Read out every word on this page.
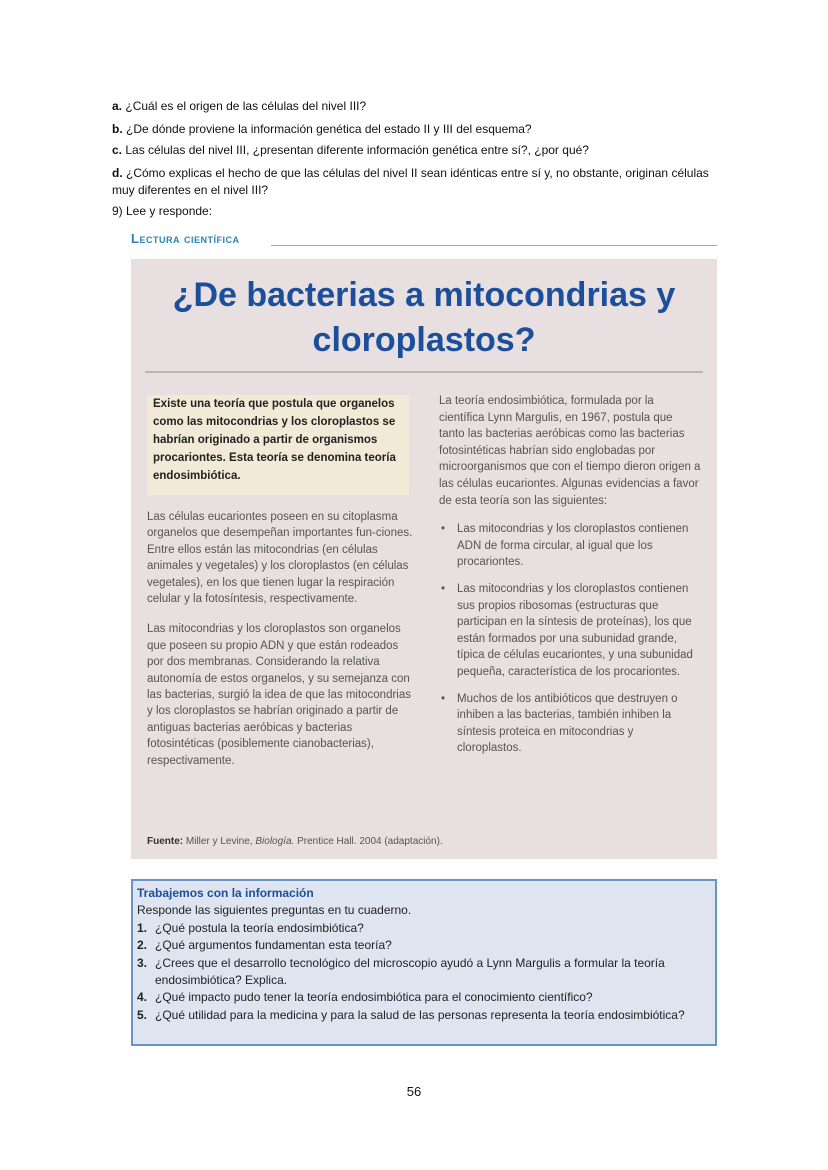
a. ¿Cuál es el origen de las células del nivel III?

b. ¿De dónde proviene la información genética del estado II y III del esquema?

c. Las células del nivel III, ¿presentan diferente información genética entre sí?, ¿por qué?

d. ¿Cómo explicas el hecho de que las células del nivel II sean idénticas entre sí y, no obstante, originan células muy diferentes en el nivel III?

9) Lee y responde:

Lectura científica
¿De bacterias a mitocondrias y cloroplastos?
Existe una teoría que postula que organelos como las mitocondrias y los cloroplastos se habrían originado a partir de organismos procariontes. Esta teoría se denomina teoría endosimbiótica.

Las células eucariontes poseen en su citoplasma organelos que desempeñan importantes fun-ciones. Entre ellos están las mitocondrias (en células animales y vegetales) y los cloroplastos (en células vegetales), en los que tienen lugar la respiración celular y la fotosíntesis, respectivamente.

Las mitocondrias y los cloroplastos son organelos que poseen su propio ADN y que están rodeados por dos membranas. Considerando la relativa autonomía de estos organelos, y su semejanza con las bacterias, surgió la idea de que las mitocondrias y los cloroplastos se habrían originado a partir de antiguas bacterias aeróbicas y bacterias fotosintéticas (posiblemente cianobacterias), respectivamente.

La teoría endosimbiótica, formulada por la científica Lynn Margulis, en 1967, postula que tanto las bacterias aeróbicas como las bacterias fotosintéticas habrían sido englobadas por microorganismos que con el tiempo dieron origen a las células eucariontes. Algunas evidencias a favor de esta teoría son las siguientes:

• Las mitocondrias y los cloroplastos contienen ADN de forma circular, al igual que los procariontes.
• Las mitocondrias y los cloroplastos contienen sus propios ribosomas (estructuras que participan en la síntesis de proteínas), los que están formados por una subunidad grande, típica de células eucariontes, y una subunidad pequeña, característica de los procariontes.
• Muchos de los antibióticos que destruyen o inhiben a las bacterias, también inhiben la síntesis proteica en mitocondrias y cloroplastos.
Fuente: Miller y Levine, Biología. Prentice Hall. 2004 (adaptación).
Trabajemos con la información
Responde las siguientes preguntas en tu cuaderno.
1. ¿Qué postula la teoría endosimbiótica?
2. ¿Qué argumentos fundamentan esta teoría?
3. ¿Crees que el desarrollo tecnológico del microscopio ayudó a Lynn Margulis a formular la teoría endosimbiótica? Explica.
4. ¿Qué impacto pudo tener la teoría endosimbiótica para el conocimiento científico?
5. ¿Qué utilidad para la medicina y para la salud de las personas representa la teoría endosimbiótica?
56
